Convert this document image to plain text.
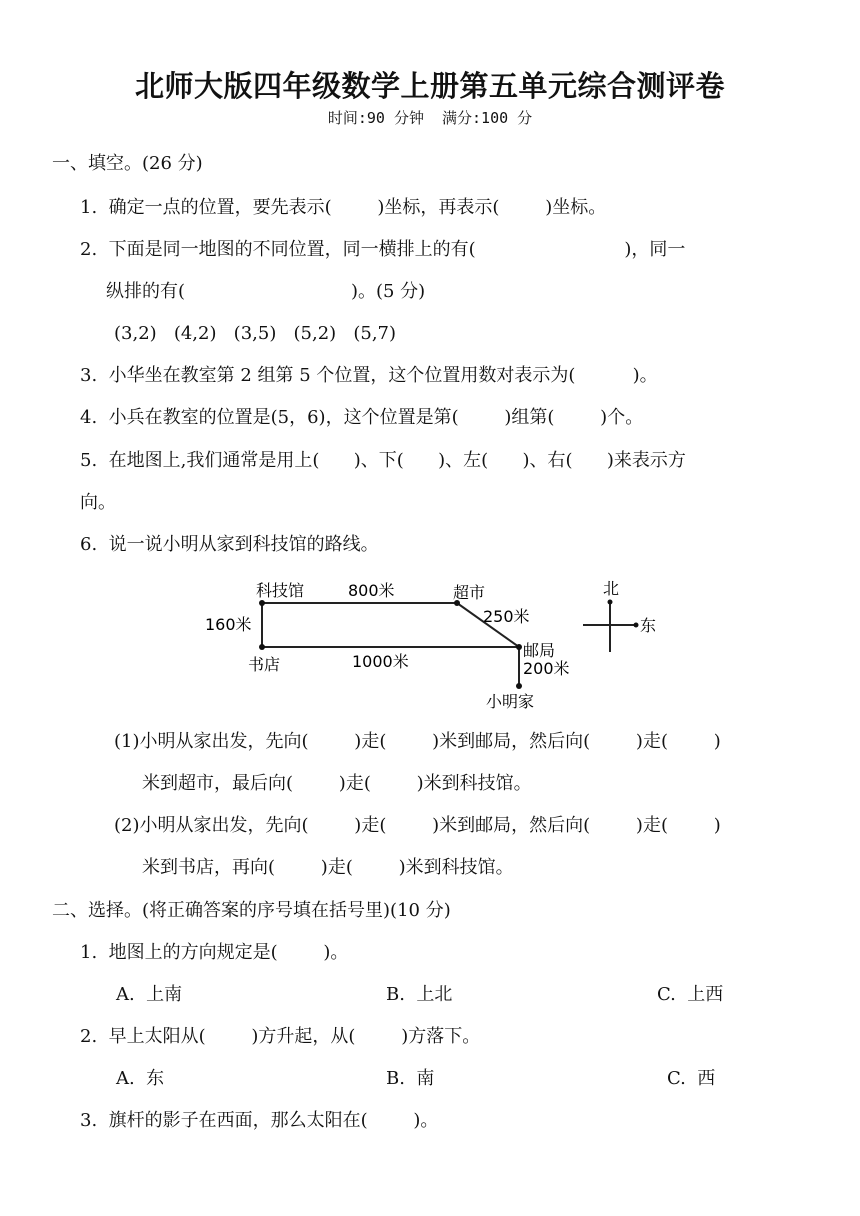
北师大版四年级数学上册第五单元综合测评卷
时间:90 分钟  满分:100 分
一、填空。(26 分)
1.  确定一点的位置，要先表示(        )坐标，再表示(        )坐标。
2.  下面是同一地图的不同位置，同一横排上的有(                          )，同一
纵排的有(                             )。(5 分)
(3,2)   (4,2)   (3,5)   (5,2)   (5,7)
3.  小华坐在教室第 2 组第 5 个位置，这个位置用数对表示为(          )。
4.  小兵在教室的位置是(5，6)，这个位置是第(        )组第(        )个。
5.  在地图上,我们通常是用上(      )、下(      )、左(      )、右(      )来表示方
向。
6.  说一说小明从家到科技馆的路线。
科技馆	800米	超市
160米	250米
邮局
书店	1000米	200米
小明家
北
东
(1)小明从家出发，先向(        )走(        )米到邮局，然后向(        )走(        )
米到超市，最后向(        )走(        )米到科技馆。
(2)小明从家出发，先向(        )走(        )米到邮局，然后向(        )走(        )
米到书店，再向(        )走(        )米到科技馆。
二、选择。(将正确答案的序号填在括号里)(10 分)
1.  地图上的方向规定是(        )。
A.  上南	B.  上北	C.  上西
2.  早上太阳从(        )方升起，从(        )方落下。
A.  东	B.  南	C.  西
3.  旗杆的影子在西面，那么太阳在(        )。
